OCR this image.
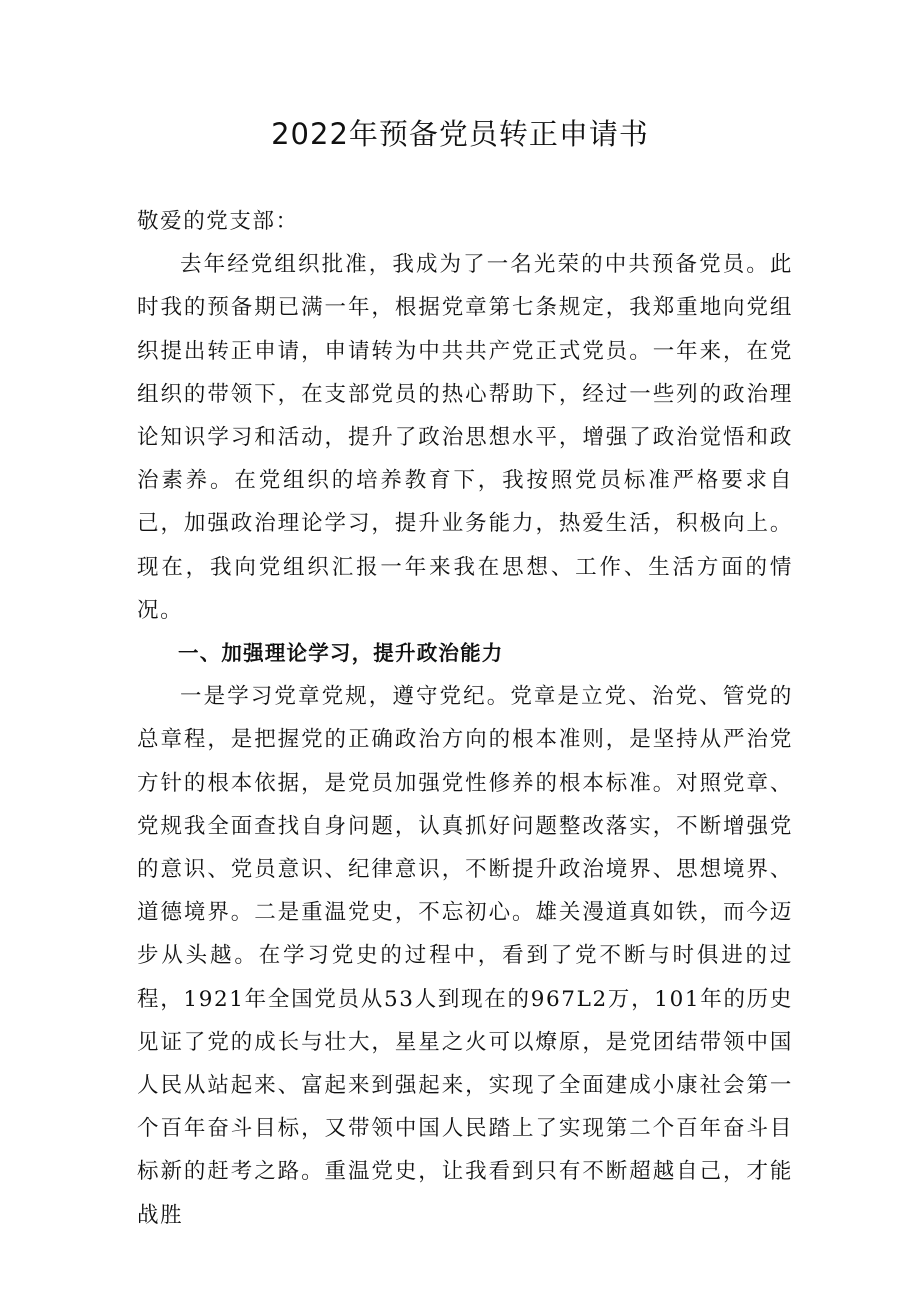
2022年预备党员转正申请书

敬爱的党支部：

去年经党组织批准，我成为了一名光荣的中共预备党员。此时我的预备期已满一年，根据党章第七条规定，我郑重地向党组织提出转正申请，申请转为中共共产党正式党员。一年来，在党组织的带领下，在支部党员的热心帮助下，经过一些列的政治理论知识学习和活动，提升了政治思想水平，增强了政治觉悟和政治素养。在党组织的培养教育下，我按照党员标准严格要求自己，加强政治理论学习，提升业务能力，热爱生活，积极向上。现在，我向党组织汇报一年来我在思想、工作、生活方面的情况。

一、加强理论学习，提升政治能力

一是学习党章党规，遵守党纪。党章是立党、治党、管党的总章程，是把握党的正确政治方向的根本准则，是坚持从严治党方针的根本依据，是党员加强党性修养的根本标准。对照党章、党规我全面查找自身问题，认真抓好问题整改落实，不断增强党的意识、党员意识、纪律意识，不断提升政治境界、思想境界、道德境界。二是重温党史，不忘初心。雄关漫道真如铁，而今迈步从头越。在学习党史的过程中，看到了党不断与时俱进的过程，1921年全国党员从53人到现在的967L2万，101年的历史见证了党的成长与壮大，星星之火可以燎原，是党团结带领中国人民从站起来、富起来到强起来，实现了全面建成小康社会第一个百年奋斗目标，又带领中国人民踏上了实现第二个百年奋斗目标新的赶考之路。重温党史，让我看到只有不断超越自己，才能战胜
